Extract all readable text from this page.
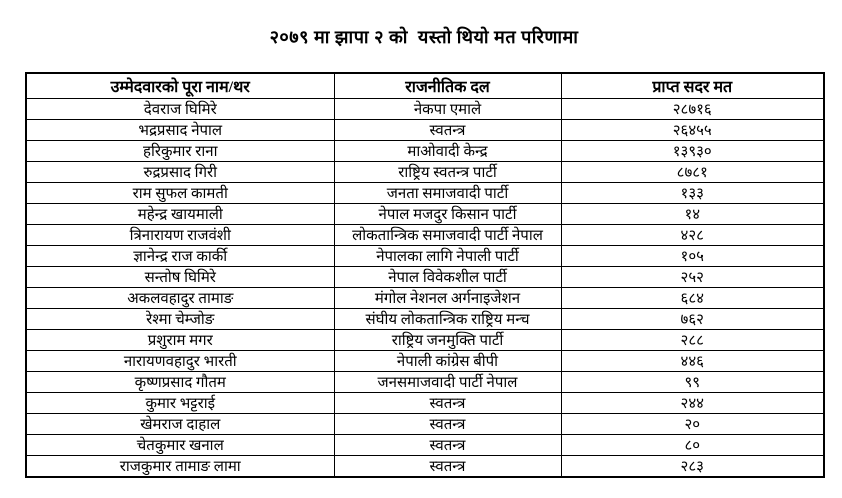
२०७९ मा झापा २ को  यस्तो थियो मत परिणामा
उम्मेदवारको पूरा नाम/थर	राजनीतिक दल	प्राप्त सदर मत
देवराज घिमिरे	नेकपा एमाले	२८७१६
भद्रप्रसाद नेपाल	स्वतन्त्र	२६४५५
हरिकुमार राना	माओवादी केन्द्र	१३९३०
रुद्रप्रसाद गिरी	राष्ट्रिय स्वतन्त्र पार्टी	८७८१
राम सुफल कामती	जनता समाजवादी पार्टी	१३३
महेन्द्र खायमाली	नेपाल मजदुर किसान पार्टी	१४
त्रिनारायण राजवंशी	लोकतान्त्रिक समाजवादी पार्टी नेपाल	४२८
ज्ञानेन्द्र राज कार्की	नेपालका लागि नेपाली पार्टी	१०५
सन्तोष घिमिरे	नेपाल विवेकशील पार्टी	२५२
अकलवहादुर तामाङ	मंगोल नेशनल अर्गनाइजेशन	६८४
रेश्मा चेम्जोङ	संघीय लोकतान्त्रिक राष्ट्रिय मन्च	७६२
प्रशुराम मगर	राष्ट्रिय जनमुक्ति पार्टी	२८८
नारायणवहादुर भारती	नेपाली कांग्रेस बीपी	४४६
कृष्णप्रसाद गौतम	जनसमाजवादी पार्टी नेपाल	९९
कुमार भट्टराई	स्वतन्त्र	२४४
खेमराज दाहाल	स्वतन्त्र	२०
चेतकुमार खनाल	स्वतन्त्र	८०
राजकुमार तामाङ लामा	स्वतन्त्र	२८३
